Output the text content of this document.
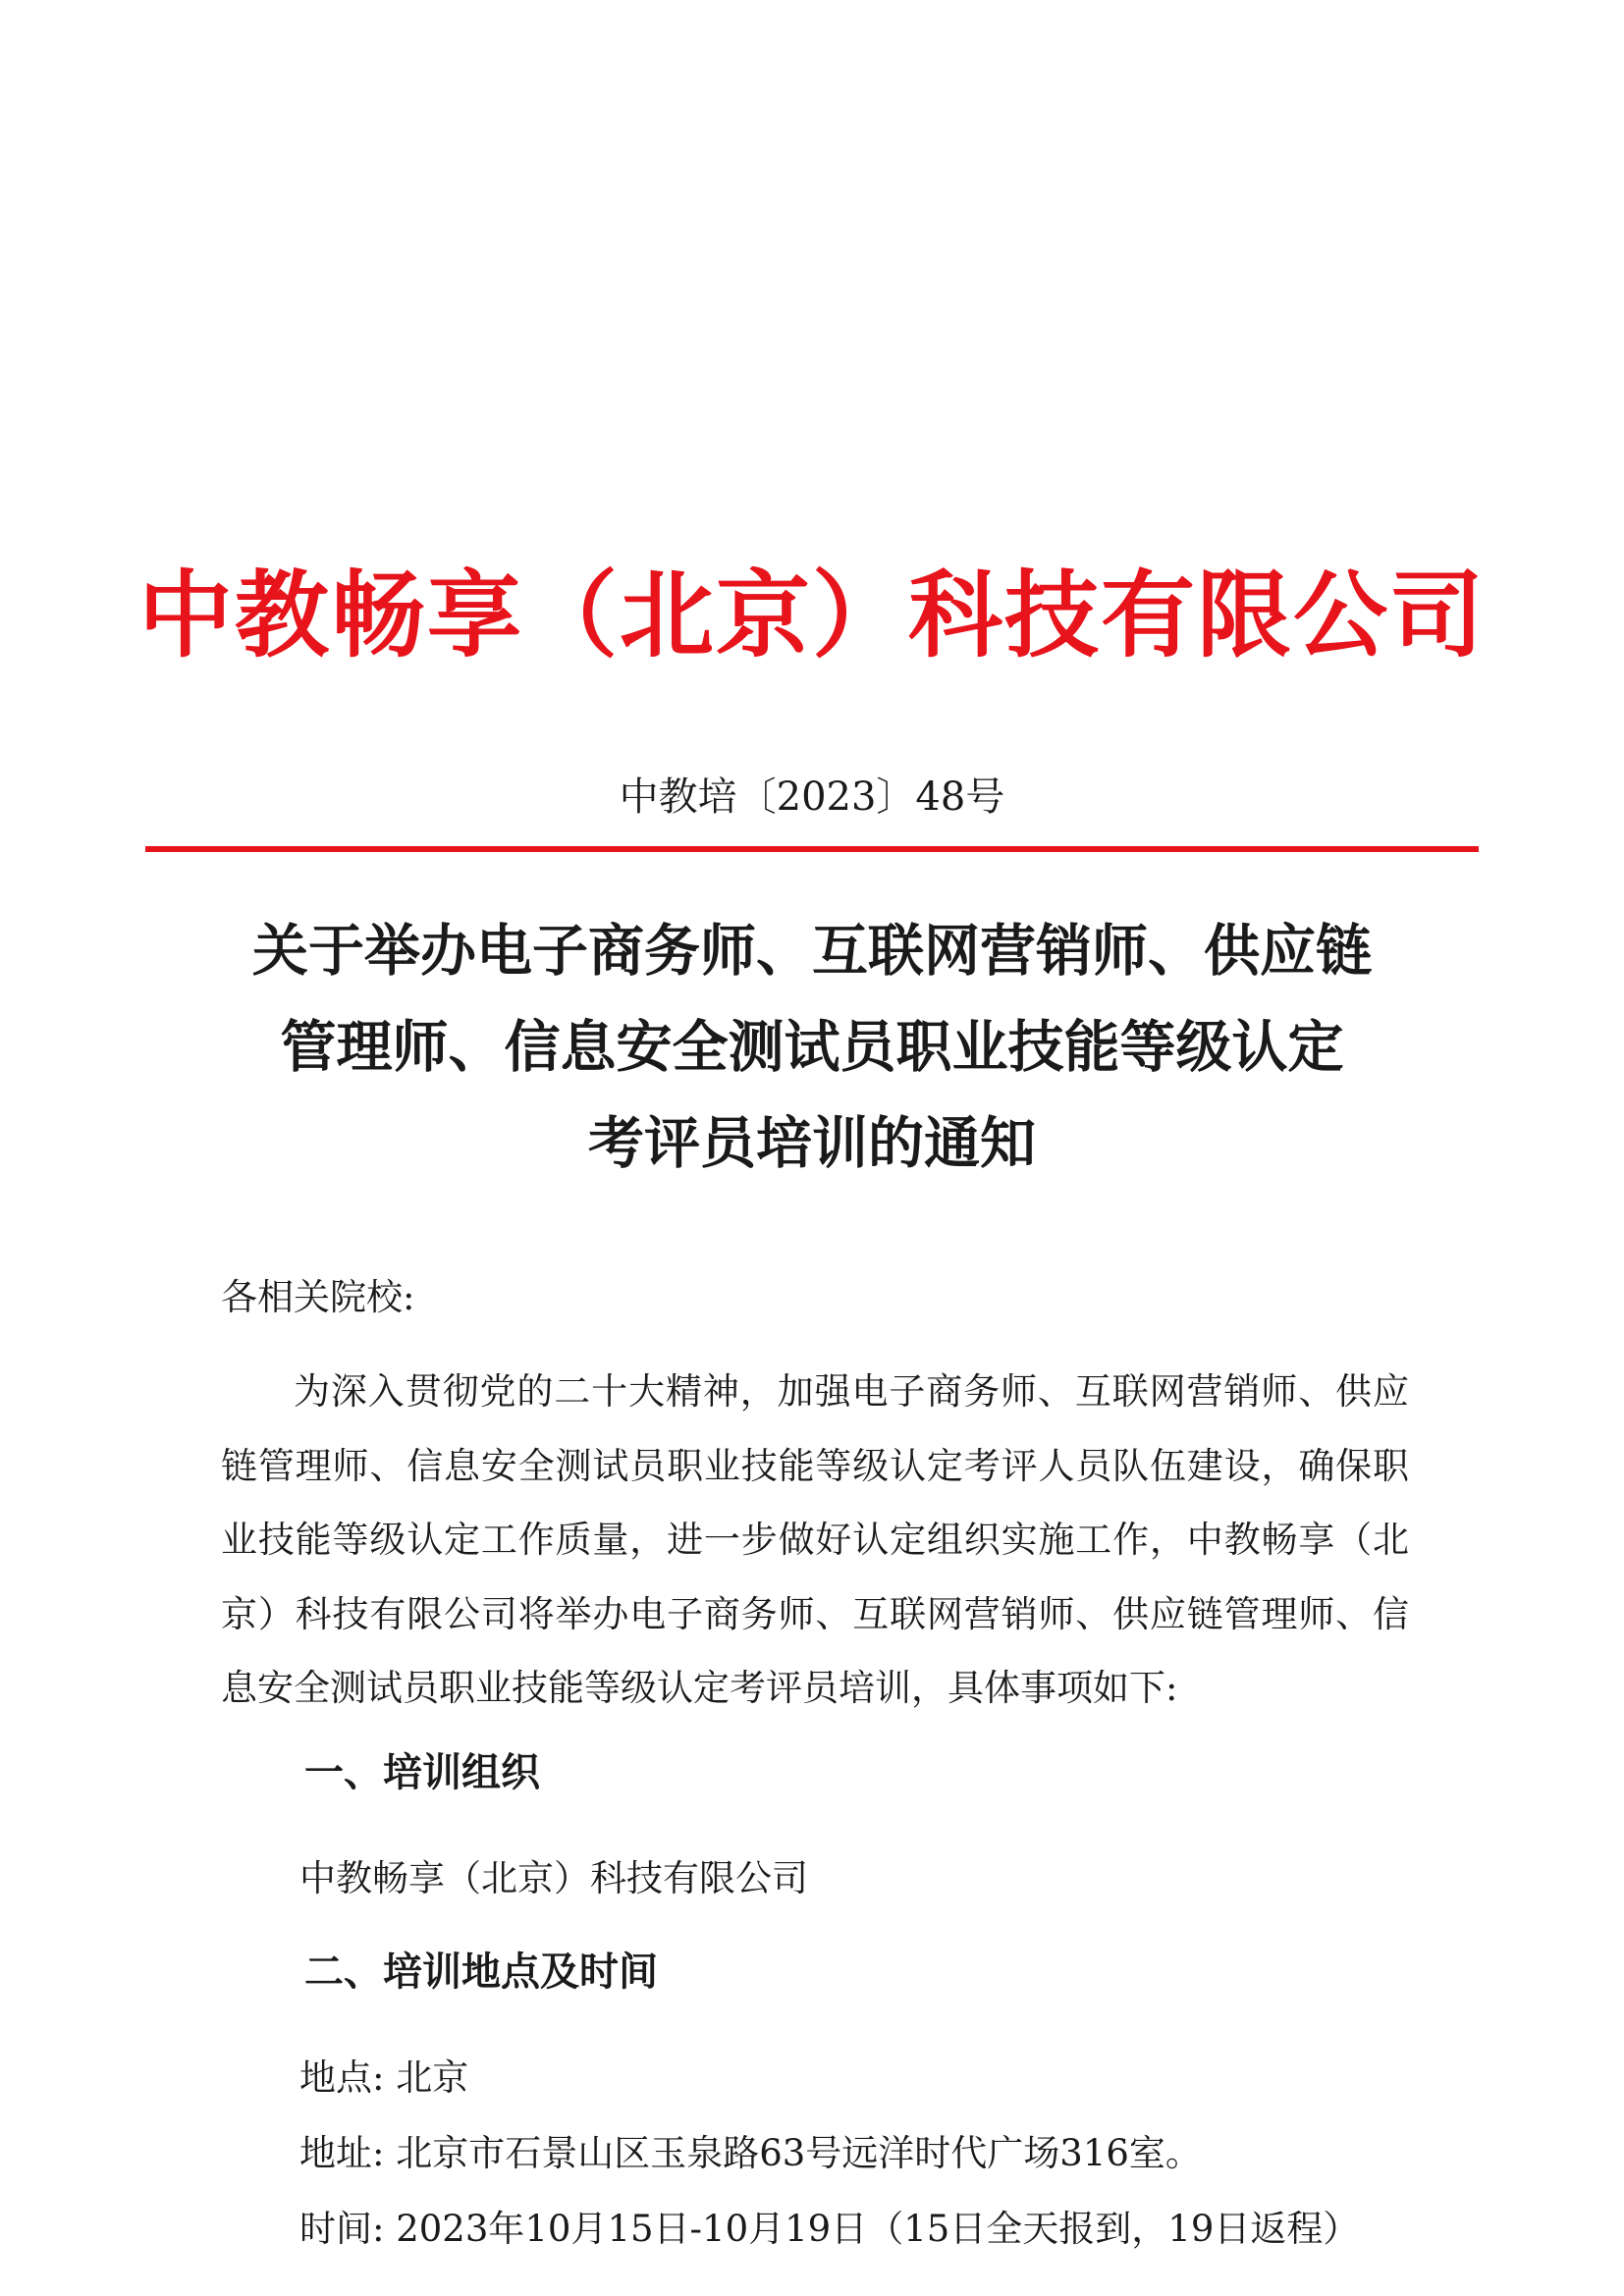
中教畅享（北京）科技有限公司
中教培〔2023〕48号
关于举办电子商务师、互联网营销师、供应链
管理师、信息安全测试员职业技能等级认定
考评员培训的通知
各相关院校:
为深入贯彻党的二十大精神，加强电子商务师、互联网营销师、供应链管理师、信息安全测试员职业技能等级认定考评人员队伍建设，确保职业技能等级认定工作质量，进一步做好认定组织实施工作，中教畅享（北京）科技有限公司将举办电子商务师、互联网营销师、供应链管理师、信息安全测试员职业技能等级认定考评员培训，具体事项如下:
一、培训组织
中教畅享（北京）科技有限公司
二、培训地点及时间
地点: 北京
地址: 北京市石景山区玉泉路63号远洋时代广场316室。
时间: 2023年10月15日-10月19日（15日全天报到，19日返程）
